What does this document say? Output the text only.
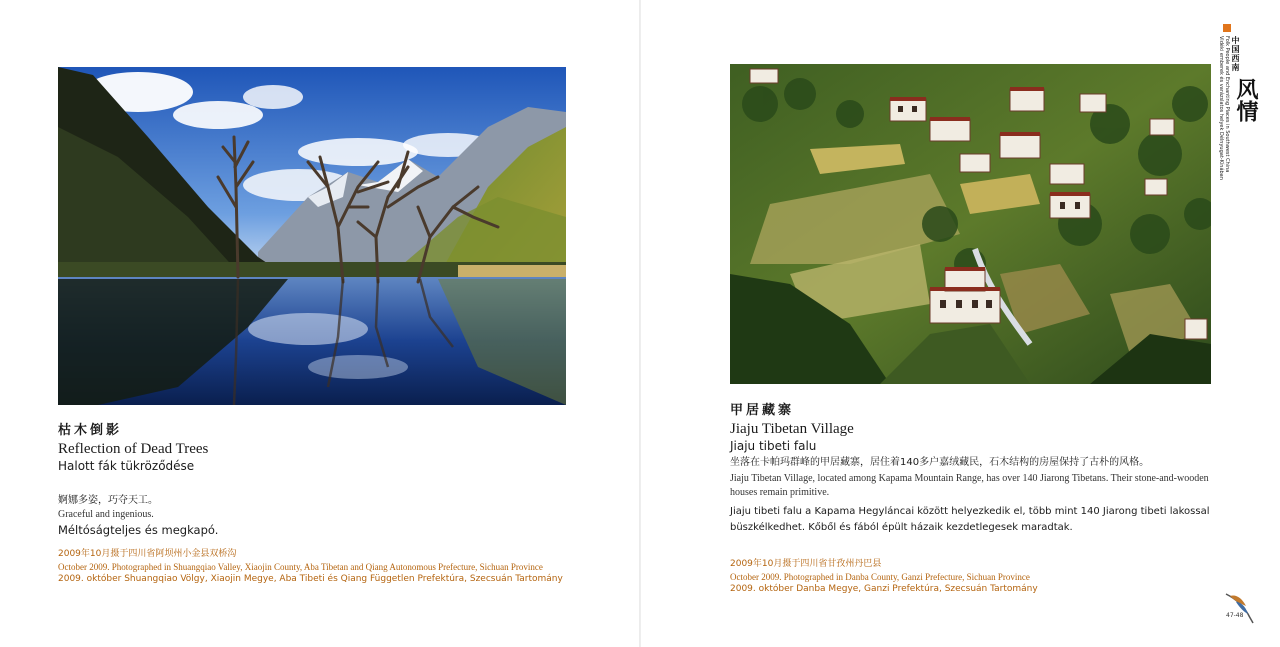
枯木倒影

Reflection of Dead Trees

Halott fák tükröződése

婀娜多姿，巧夺天工。

Graceful and ingenious.

Méltóságteljes és megkapó.

2009年10月摄于四川省阿坝州小金县双桥沟

October 2009. Photographed in Shuangqiao Valley, Xiaojin County, Aba Tibetan and Qiang Autonomous Prefecture, Sichuan Province

2009. október Shuangqiao Völgy, Xiaojin Megye, Aba Tibeti és Qiang Független Prefektúra, Szecsuán Tartomány

甲居藏寨

Jiaju Tibetan Village

Jiaju tibeti falu

坐落在卡帕玛群峰的甲居藏寨，居住着140多户嘉绒藏民，石木结构的房屋保持了古朴的风格。

Jiaju Tibetan Village, located among Kapama Mountain Range, has over 140 Jiarong Tibetans. Their stone-and-wooden houses remain primitive.

Jiaju tibeti falu a Kapama Hegyláncai között helyezkedik el, több mint 140 Jiarong tibeti lakossal büszkélkedhet. Kőből és fából épült házaik kezdetlegesek maradtak.

2009年10月摄于四川省甘孜州丹巴县

October 2009. Photographed in Danba County, Ganzi Prefecture, Sichuan Province

2009. október Danba Megye, Ganzi Prefektúra, Szecsuán Tartomány

中国西南
风情
Folk People and Enchanting Places in Southwest China
Vidéki emberek és varázslatos helyek Délnyugat-Kínában
47-48
